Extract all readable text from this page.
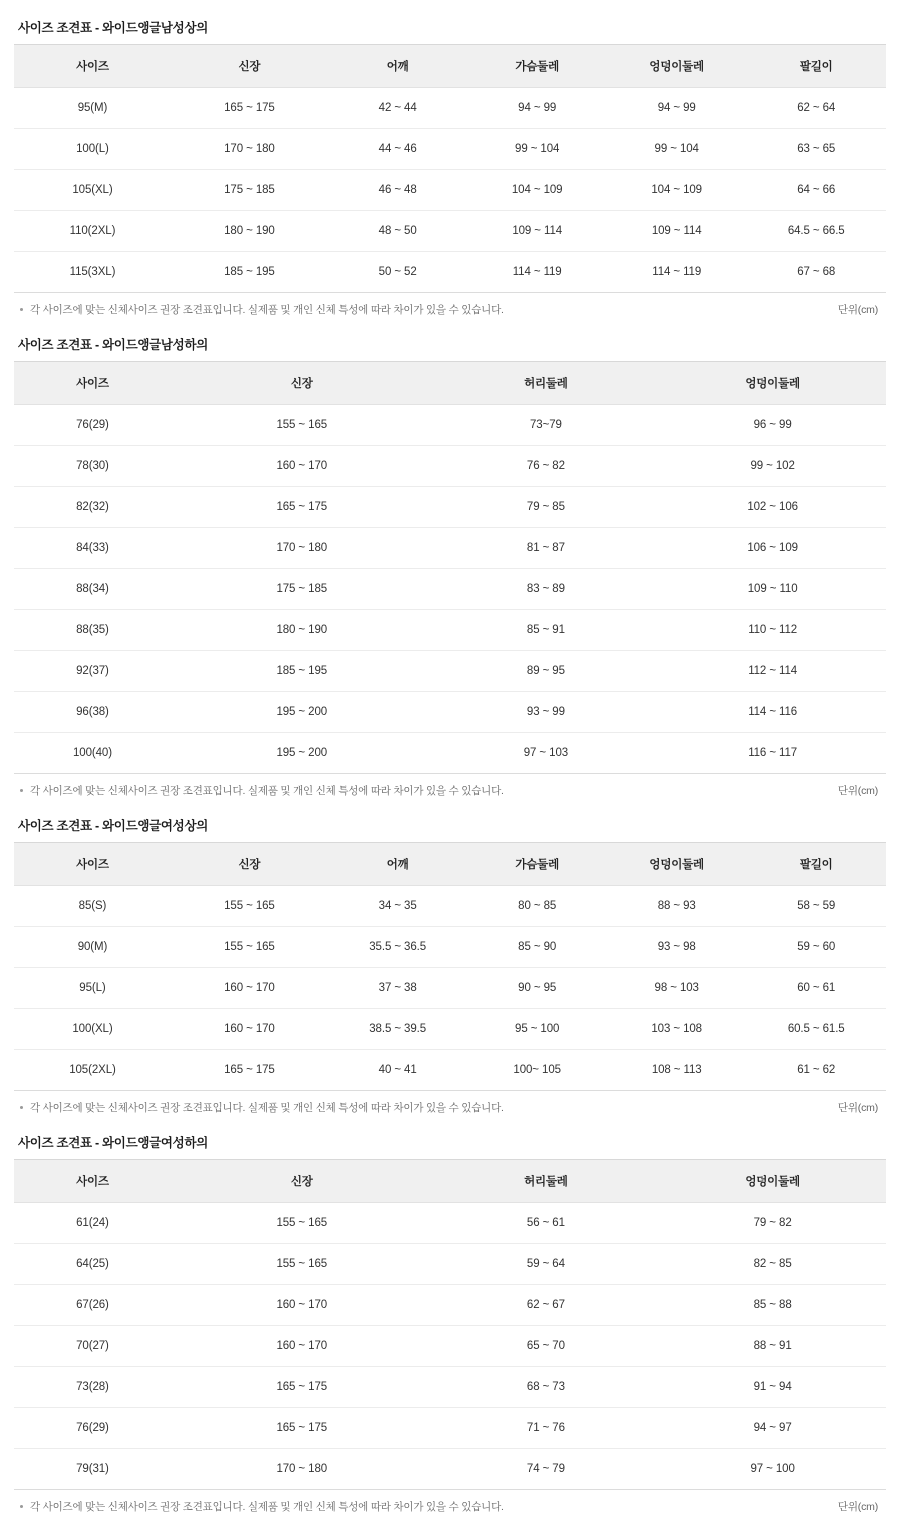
사이즈 조견표 - 와이드앵글남성상의
사이즈	신장	어깨	가슴둘레	엉덩이둘레	팔길이
95(M)	165 ~ 175	42 ~ 44	94 ~ 99	94 ~ 99	62 ~ 64
100(L)	170 ~ 180	44 ~ 46	99 ~ 104	99 ~ 104	63 ~ 65
105(XL)	175 ~ 185	46 ~ 48	104 ~ 109	104 ~ 109	64 ~ 66
110(2XL)	180 ~ 190	48 ~ 50	109 ~ 114	109 ~ 114	64.5 ~ 66.5
115(3XL)	185 ~ 195	50 ~ 52	114 ~ 119	114 ~ 119	67 ~ 68
각 사이즈에 맞는 신체사이즈 권장 조견표입니다. 실제품 및 개인 신체 특성에 따라 차이가 있을 수 있습니다.	단위(cm)
사이즈 조견표 - 와이드앵글남성하의
사이즈	신장	허리둘레	엉덩이둘레
76(29)	155 ~ 165	73~79	96 ~ 99
78(30)	160 ~ 170	76 ~ 82	99 ~ 102
82(32)	165 ~ 175	79 ~ 85	102 ~ 106
84(33)	170 ~ 180	81 ~ 87	106 ~ 109
88(34)	175 ~ 185	83 ~ 89	109 ~ 110
88(35)	180 ~ 190	85 ~ 91	110 ~ 112
92(37)	185 ~ 195	89 ~ 95	112 ~ 114
96(38)	195 ~ 200	93 ~ 99	114 ~ 116
100(40)	195 ~ 200	97 ~ 103	116 ~ 117
각 사이즈에 맞는 신체사이즈 권장 조견표입니다. 실제품 및 개인 신체 특성에 따라 차이가 있을 수 있습니다.	단위(cm)
사이즈 조견표 - 와이드앵글여성상의
사이즈	신장	어깨	가슴둘레	엉덩이둘레	팔길이
85(S)	155 ~ 165	34 ~ 35	80 ~ 85	88 ~ 93	58 ~ 59
90(M)	155 ~ 165	35.5 ~ 36.5	85 ~ 90	93 ~ 98	59 ~ 60
95(L)	160 ~ 170	37 ~ 38	90 ~ 95	98 ~ 103	60 ~ 61
100(XL)	160 ~ 170	38.5 ~ 39.5	95 ~ 100	103 ~ 108	60.5 ~ 61.5
105(2XL)	165 ~ 175	40 ~ 41	100~ 105	108 ~ 113	61 ~ 62
각 사이즈에 맞는 신체사이즈 권장 조견표입니다. 실제품 및 개인 신체 특성에 따라 차이가 있을 수 있습니다.	단위(cm)
사이즈 조견표 - 와이드앵글여성하의
사이즈	신장	허리둘레	엉덩이둘레
61(24)	155 ~ 165	56 ~ 61	79 ~ 82
64(25)	155 ~ 165	59 ~ 64	82 ~ 85
67(26)	160 ~ 170	62 ~ 67	85 ~ 88
70(27)	160 ~ 170	65 ~ 70	88 ~ 91
73(28)	165 ~ 175	68 ~ 73	91 ~ 94
76(29)	165 ~ 175	71 ~ 76	94 ~ 97
79(31)	170 ~ 180	74 ~ 79	97 ~ 100
각 사이즈에 맞는 신체사이즈 권장 조견표입니다. 실제품 및 개인 신체 특성에 따라 차이가 있을 수 있습니다.	단위(cm)
